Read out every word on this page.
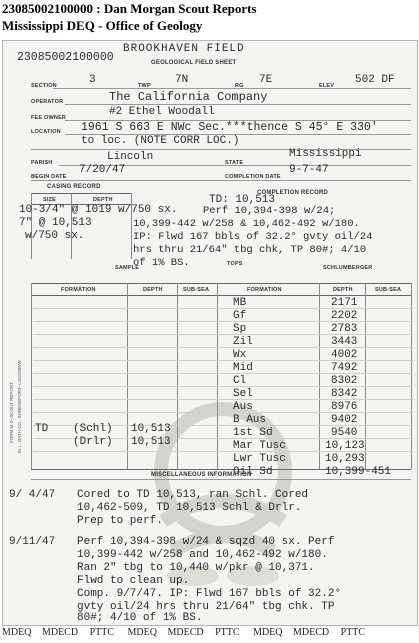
23085002100000 : Dan Morgan Scout Reports
Mississippi DEQ - Office of Geology
23085002100000
BROOKHAVEN FIELD
GEOLOGICAL FIELD SHEET
SECTION	3	TWP 7N	RG 7E	ELEV 502 DF
OPERATOR	The California Company
FEE OWNER	#2 Ethel Woodall
LOCATION 1961 S 663 E NWc Sec.***thence S 45° E 330'
to loc. (NOTE CORR LOC.)
PARISH	Lincoln	STATE
Mississippi
BEGIN DATE
7/20/47
COMPLETION DATE
9-7-47
CASING RECORD
COMPLETION RECORD
SIZE	DEPTH
10-3/4" @ 1019 w/750 sx.
7" @ 10,513
w/750 sx.
TD: 10,513
Perf 10,394-398 w/24;
10,399-442 w/258 & 10,462-492 w/180.
IP: Flwd 167 bbls of 32.2° gvty oil/24
hrs thru 21/64" tbg chk, TP 80#; 4/10
of 1% BS.
SAMPLE
TOPS
SCHLUMBERGER
FORMATION	DEPTH	SUB-SEA	FORMATION	DEPTH	SUB-SEA
TD (Schl) 10,513
(Drlr) 10,513
MB	2171
Gf	2202
Sp	2783
Zil	3443
Wx	4002
Mid	7492
Cl	8302
Sel	8342
Aus	8976
B Aus	9402
1st Sd	9540
Mar Tusc	10,123
Lwr Tusc	10,293
Oil Sd	10,399-451
FORM M-2--SCOUT REPORT M. L. BATH CO., SHREVEPORT--LONGVIEW
MISCELLANEOUS INFORMATION
9/ 4/47 Cored to TD 10,513, ran Schl. Cored
10,462-509, TD 10,513 Schl & Drlr.
Prep to perf.
9/11/47 Perf 10,394-398 w/24 & sqzd 40 sx. Perf
10,399-442 w/258 and 10,462-492 w/180.
Ran 2" tbg to 10,440 w/pkr @ 10,371.
Flwd to clean up.
Comp. 9/7/47. IP: Flwd 167 bbls of 32.2°
gvty oil/24 hrs thru 21/64" tbg chk. TP
80#; 4/10 of 1% BS.
MDEQ MDECD PTTC MDEQ MDECD PTTC MDEQ MDECD PTTC
